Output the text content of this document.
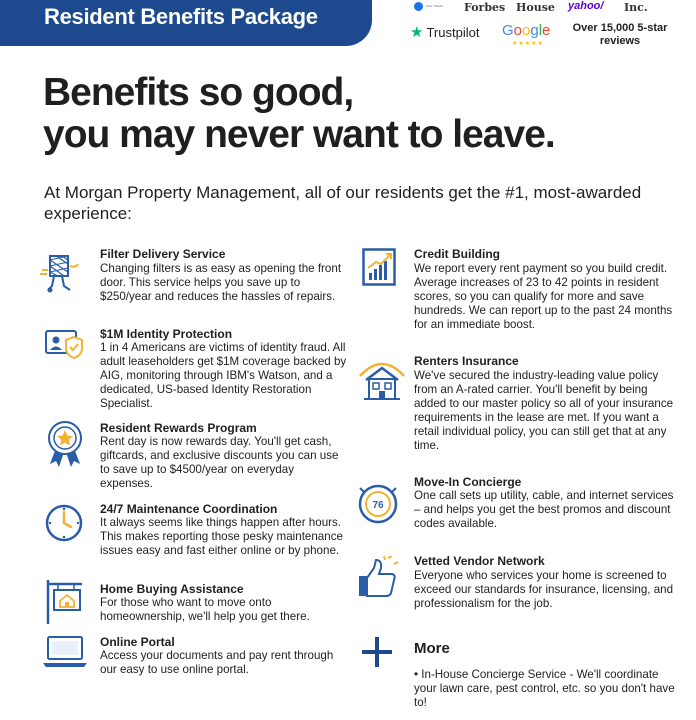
Resident Benefits Package	USA TODAY Forbes House yahoo/ Inc.
★ Trustpilot Google
★★★★★
Over 15,000 5-star reviews
Benefits so good,
you may never want to leave.
At Morgan Property Management, all of our residents get the #1, most-awarded experience:
Filter Delivery Service
Changing filters is as easy as opening the front door. This service helps you save up to $250/year and reduces the hassles of repairs.
$1M Identity Protection
1 in 4 Americans are victims of identity fraud. All adult leaseholders get $1M coverage backed by AIG, monitoring through IBM's Watson, and a dedicated, US-based Identity Restoration Specialist.
Resident Rewards Program
Rent day is now rewards day. You'll get cash, giftcards, and exclusive discounts you can use to save up to $4500/year on everyday expenses.
24/7 Maintenance Coordination
It always seems like things happen after hours. This makes reporting those pesky maintenance issues easy and fast either online or by phone.
Home Buying Assistance
For those who want to move onto homeownership, we'll help you get there.
Online Portal
Access your documents and pay rent through our easy to use online portal.
Credit Building
We report every rent payment so you build credit. Average increases of 23 to 42 points in resident scores, so you can qualify for more and save hundreds. We can report up to the past 24 months for an immediate boost.
Renters Insurance
We've secured the industry-leading value policy from an A-rated carrier. You'll benefit by being added to our master policy so all of your insurance requirements in the lease are met. If you want a retail individual policy, you can still get that at any time.
76
Move-In Concierge
One call sets up utility, cable, and internet services – and helps you get the best promos and discount codes available.
Vetted Vendor Network
Everyone who services your home is screened to exceed our standards for insurance, licensing, and professionalism for the job.
More
• In-House Concierge Service - We'll coordinate your lawn care, pest control, etc. so you don't have to!
